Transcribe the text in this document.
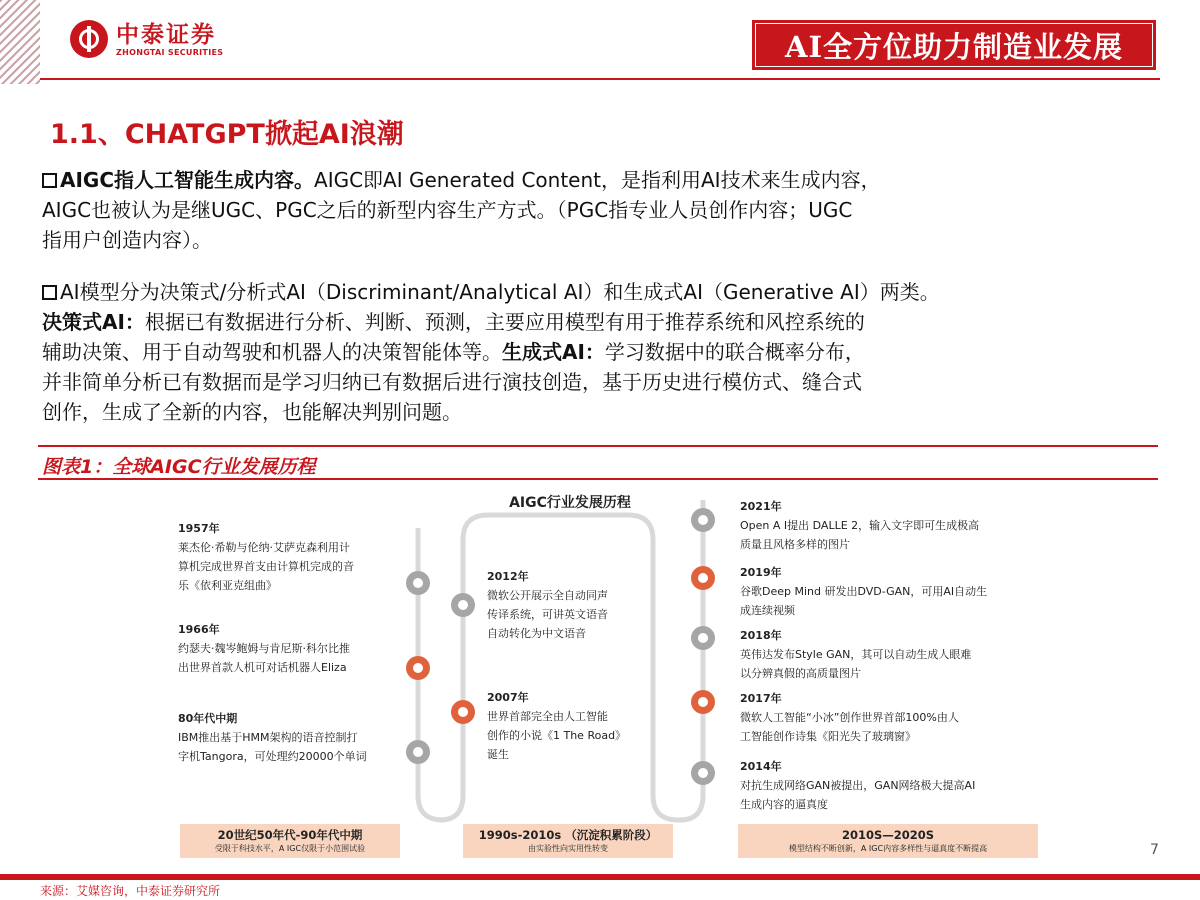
中泰证券
ZHONGTAI SECURITIES	AI全方位助力制造业发展
1.1、CHATGPT掀起AI浪潮
AIGC指人工智能生成内容。AIGC即AI Generated Content，是指利用AI技术来生成内容，
AIGC也被认为是继UGC、PGC之后的新型内容生产方式。（PGC指专业人员创作内容；UGC
指用户创造内容）。
AI模型分为决策式/分析式AI（Discriminant/Analytical AI）和生成式AI（Generative AI）两类。
决策式AI：根据已有数据进行分析、判断、预测，主要应用模型有用于推荐系统和风控系统的
辅助决策、用于自动驾驶和机器人的决策智能体等。生成式AI：学习数据中的联合概率分布，
并非简单分析已有数据而是学习归纳已有数据后进行演技创造，基于历史进行模仿式、缝合式
创作，生成了全新的内容，也能解决判别问题。
图表1：全球AIGC行业发展历程
AIGC行业发展历程
1957年
莱杰伦·希勒与伦纳·艾萨克森利用计
算机完成世界首支由计算机完成的音
乐《依利亚克组曲》
1966年
约瑟夫·魏岑鲍姆与肯尼斯·科尔比推
出世界首款人机可对话机器人Eliza
80年代中期
IBM推出基于HMM架构的语音控制打
字机Tangora，可处理约20000个单词
2012年
微软公开展示全自动同声
传译系统，可讲英文语音
自动转化为中文语音
2007年
世界首部完全由人工智能
创作的小说《1 The Road》
诞生
2021年
Open A I提出 DALLE 2，输入文字即可生成极高
质量且风格多样的图片
2019年
谷歌Deep Mind 研发出DVD-GAN，可用AI自动生
成连续视频
2018年
英伟达发布Style GAN，其可以自动生成人眼难
以分辨真假的高质量图片
2017年
微软人工智能“小冰”创作世界首部100%由人
工智能创作诗集《阳光失了玻璃窗》
2014年
对抗生成网络GAN被提出，GAN网络极大提高AI
生成内容的逼真度
20世纪50年代-90年代中期
受限于科技水平，A IGC仅限于小范围试验
1990s-2010s （沉淀积累阶段）
由实验性向实用性转变
2010S—2020S
模型结构不断创新，A IGC内容多样性与逼真度不断提高	7
来源：艾媒咨询，中泰证券研究所
